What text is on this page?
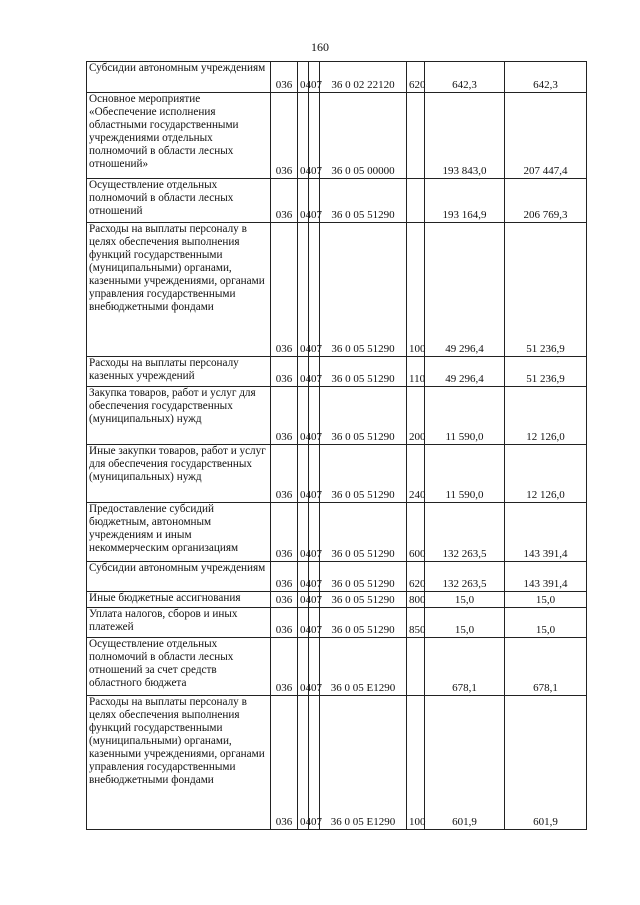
160
Субсидии автономным учреждениям	036	04	07	36 0 02 22120	620	642,3	642,3
Основное мероприятие «Обеспечение исполнения областными государственными учреждениями отдельных полномочий в области лесных отношений»	036	04	07	36 0 05 00000		193 843,0	207 447,4
Осуществление отдельных полномочий в области лесных отношений	036	04	07	36 0 05 51290		193 164,9	206 769,3
Расходы на выплаты персоналу в целях обеспечения выполнения функций государственными (муниципальными) органами, казенными учреждениями, органами управления государственными внебюджетными фондами	036	04	07	36 0 05 51290	100	49 296,4	51 236,9
Расходы на выплаты персоналу казенных учреждений	036	04	07	36 0 05 51290	110	49 296,4	51 236,9
Закупка товаров, работ и услуг для обеспечения государственных (муниципальных) нужд	036	04	07	36 0 05 51290	200	11 590,0	12 126,0
Иные закупки товаров, работ и услуг для обеспечения государственных (муниципальных) нужд	036	04	07	36 0 05 51290	240	11 590,0	12 126,0
Предоставление субсидий бюджетным, автономным учреждениям и иным некоммерческим организациям	036	04	07	36 0 05 51290	600	132 263,5	143 391,4
Субсидии автономным учреждениям	036	04	07	36 0 05 51290	620	132 263,5	143 391,4
Иные бюджетные ассигнования	036	04	07	36 0 05 51290	800	15,0	15,0
Уплата налогов, сборов и иных платежей	036	04	07	36 0 05 51290	850	15,0	15,0
Осуществление отдельных полномочий в области лесных отношений за счет средств областного бюджета	036	04	07	36 0 05 Е1290		678,1	678,1
Расходы на выплаты персоналу в целях обеспечения выполнения функций государственными (муниципальными) органами, казенными учреждениями, органами управления государственными внебюджетными фондами	036	04	07	36 0 05 Е1290	100	601,9	601,9
